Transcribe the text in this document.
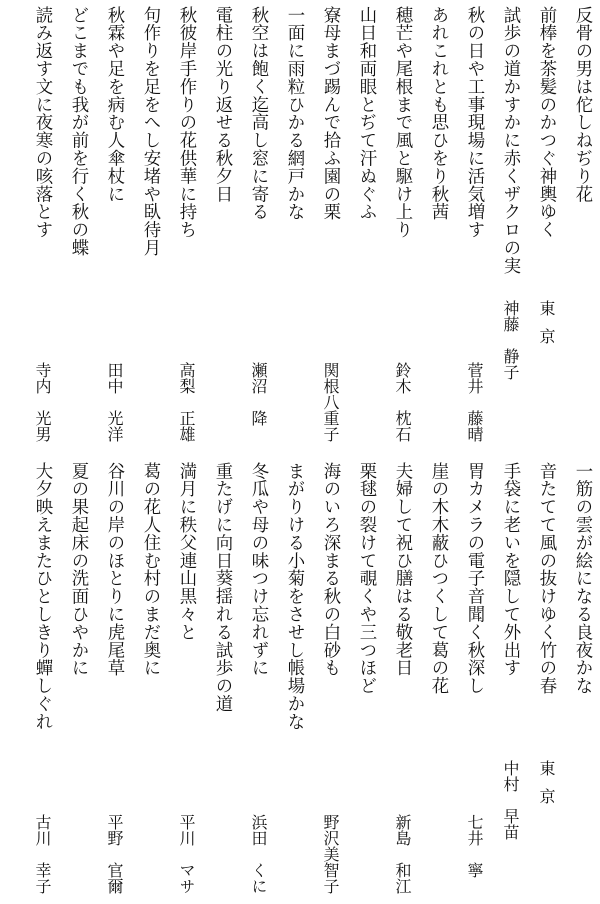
反骨の男は佗しねぢり花
前棒を茶髪のかつぐ神輿ゆく
試歩の道かすかに赤くザクロの実
秋の日や工事現場に活気増す
あれこれとも思ひをり秋茜
穂芒や尾根まで風と駆け上り
山日和両眼とぢて汗ぬぐふ
寮母まづ踢んで拾ふ園の栗
一面に雨粒ひかる網戸かな
秋空は飽く迄高し窓に寄る
電柱の光り返せる秋夕日
秋彼岸手作りの花供華に持ち
句作りを足をへし安堵や臥待月
秋霖や足を病む人傘杖に
どこまでも我が前を行く秋の蝶
読み返す文に夜寒の咳落とす
一筋の雲が絵になる良夜かな
音たてて風の抜けゆく竹の春
手袋に老いを隠して外出す
胃カメラの電子音聞く秋深し
崖の木木蔽ひつくして葛の花
夫婦して祝ひ膳はる敬老日
栗毬の裂けて覗くや三つほど
海のいろ深まる秋の白砂も
まがりける小菊をさせし帳場かな
冬瓜や母の味つけ忘れずに
重たげに向日葵揺れる試歩の道
満月に秩父連山黒々と
葛の花人住む村のまだ奥に
谷川の岸のほとりに虎尾草
夏の果起床の洗面ひやかに
大夕映えまたひとしきり蟬しぐれ
東京
神藤　静子
菅井　藤晴
鈴木　枕石
関根八重子
瀬沼　降
高梨　正雄
田中　光洋
寺内　光男
東京
中村　早苗
七井　寧
新島　和江
野沢美智子
浜田　くに
平川　マサ
平野　官爾
古川　幸子
